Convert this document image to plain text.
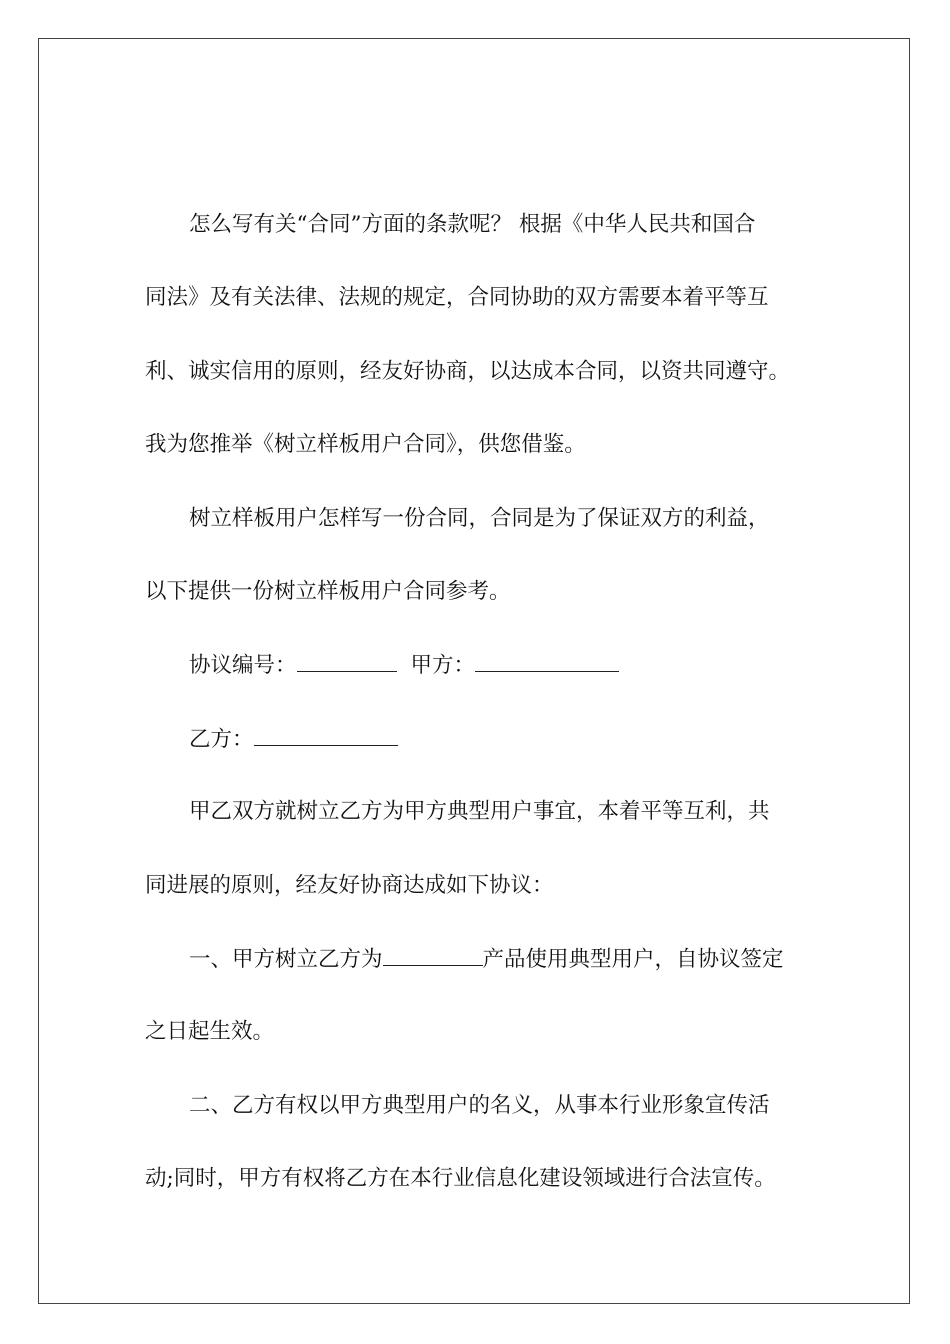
怎么写有关“合同”方面的条款呢？ 根据《中华人民共和国合
同法》及有关法律、法规的规定，合同协助的双方需要本着平等互
利、诚实信用的原则，经友好协商，以达成本合同，以资共同遵守。
我为您推举《树立样板用户合同》，供您借鉴。
树立样板用户怎样写一份合同，合同是为了保证双方的利益，
以下提供一份树立样板用户合同参考。
协议编号：	甲方：
乙方：
甲乙双方就树立乙方为甲方典型用户事宜，本着平等互利，共
同进展的原则，经友好协商达成如下协议：
一、甲方树立乙方为	产品使用典型用户，自协议签定
之日起生效。
二、乙方有权以甲方典型用户的名义，从事本行业形象宣传活
动;同时，甲方有权将乙方在本行业信息化建设领域进行合法宣传。
